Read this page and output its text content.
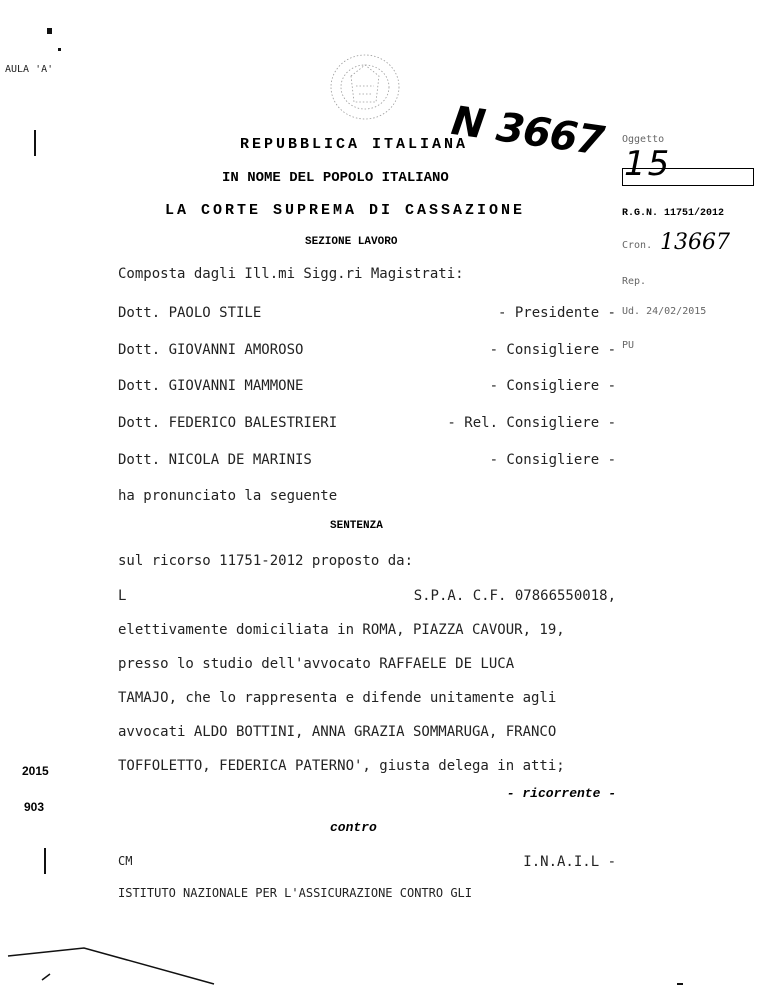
AULA 'A'
N 3667
REPUBBLICA ITALIANA
IN NOME DEL POPOLO ITALIANO
LA CORTE SUPREMA DI CASSAZIONE
SEZIONE LAVORO
Oggetto
15
R.G.N. 11751/2012
Cron. 13667
Rep.
Ud. 24/02/2015
PU
Composta dagli Ill.mi Sigg.ri Magistrati:
Dott. PAOLO STILE	- Presidente -
Dott. GIOVANNI AMOROSO	- Consigliere -
Dott. GIOVANNI MAMMONE	- Consigliere -
Dott. FEDERICO BALESTRIERI	- Rel. Consigliere -
Dott. NICOLA DE MARINIS	- Consigliere -
ha pronunciato la seguente
SENTENZA
sul ricorso 11751-2012 proposto da:
L	S.P.A. C.F. 07866550018,
elettivamente domiciliata in ROMA, PIAZZA CAVOUR, 19,
presso lo studio dell'avvocato RAFFAELE DE LUCA
TAMAJO, che lo rappresenta e difende unitamente agli
avvocati ALDO BOTTINI, ANNA GRAZIA SOMMARUGA, FRANCO
TOFFOLETTO, FEDERICA PATERNO', giusta delega in atti;
- ricorrente -
contro
CM	I.N.A.I.L -
ISTITUTO NAZIONALE PER L'ASSICURAZIONE CONTRO GLI
2015
903
